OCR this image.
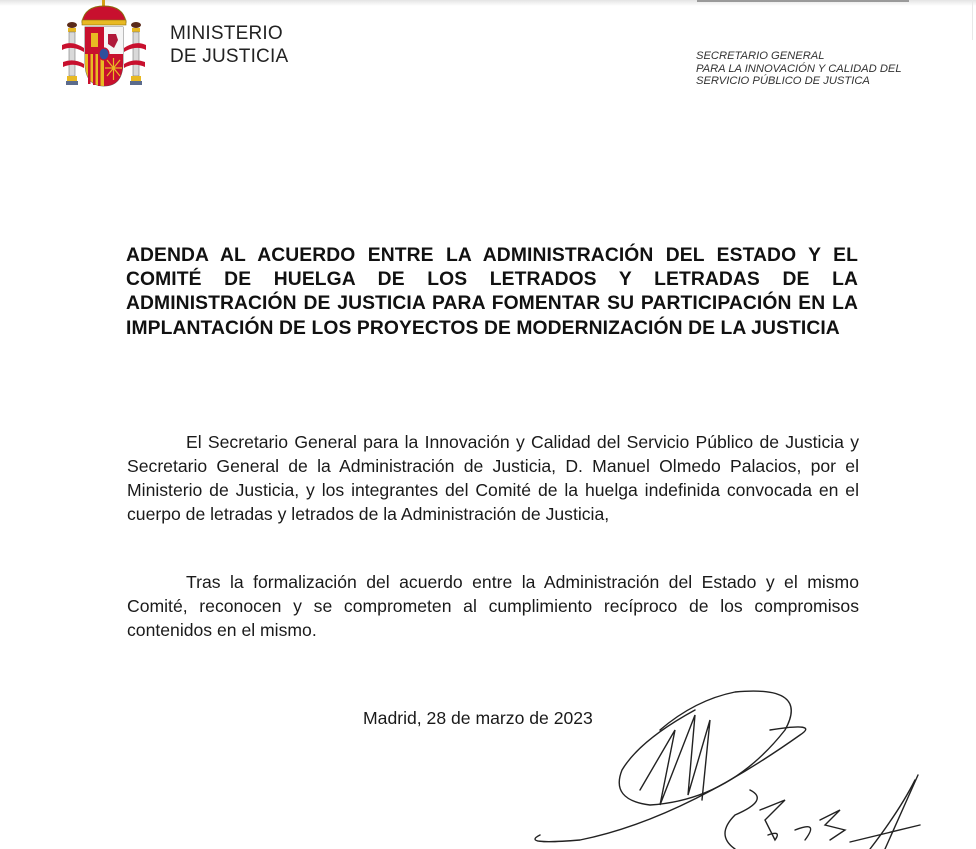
MINISTERIO
DE JUSTICIA	SECRETARIO GENERAL
PARA LA INNOVACIÓN Y CALIDAD DEL
SERVICIO PÚBLICO DE JUSTICA
ADENDA AL ACUERDO ENTRE LA ADMINISTRACIÓN DEL ESTADO Y EL COMITÉ DE HUELGA DE LOS LETRADOS Y LETRADAS DE LA ADMINISTRACIÓN DE JUSTICIA PARA FOMENTAR SU PARTICIPACIÓN EN LA IMPLANTACIÓN DE LOS PROYECTOS DE MODERNIZACIÓN DE LA JUSTICIA

El Secretario General para la Innovación y Calidad del Servicio Público de Justicia y Secretario General de la Administración de Justicia, D. Manuel Olmedo Palacios, por el Ministerio de Justicia, y los integrantes del Comité de la huelga indefinida convocada en el cuerpo de letradas y letrados de la Administración de Justicia,

Tras la formalización del acuerdo entre la Administración del Estado y el mismo Comité, reconocen y se comprometen al cumplimiento recíproco de los compromisos contenidos en el mismo.

Madrid, 28 de marzo de 2023
